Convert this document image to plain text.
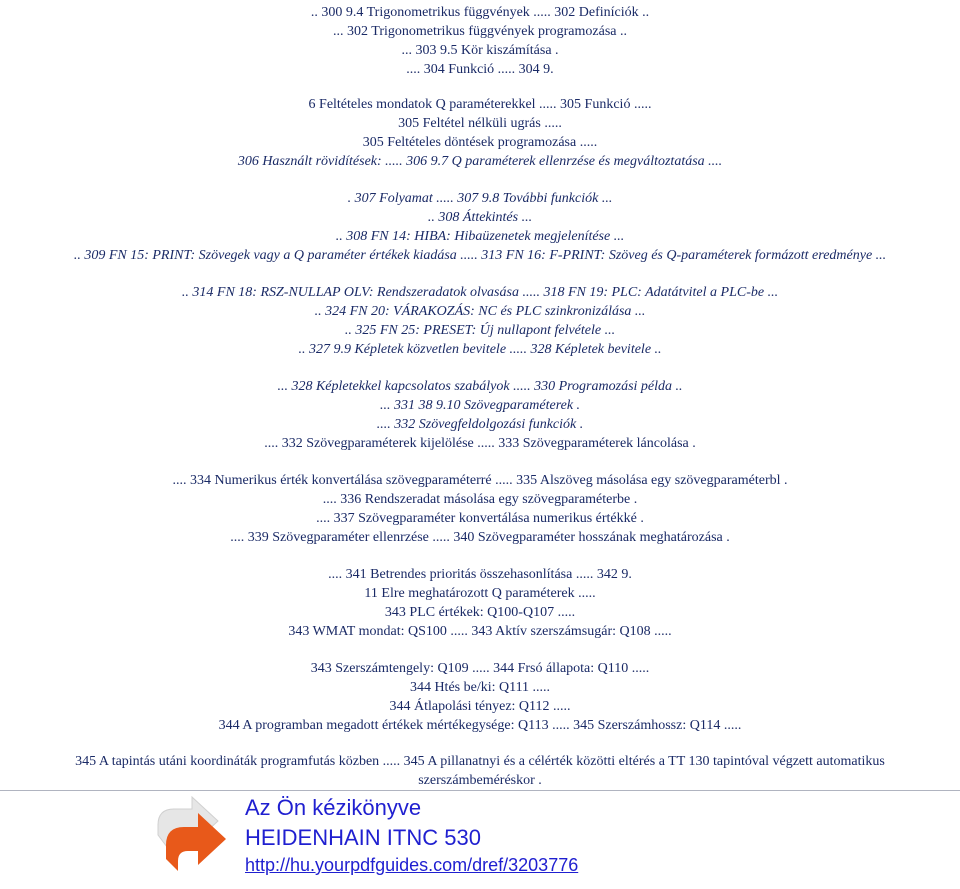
.. 300 9.4 Trigonometrikus függvények ..... 302 Definíciók ..
... 302 Trigonometrikus függvények programozása ..
... 303 9.5 Kör kiszámítása .
.... 304 Funkció ..... 304 9.
6 Feltételes mondatok Q paraméterekkel ..... 305 Funkció .....
305 Feltétel nélküli ugrás .....
305 Feltételes döntések programozása .....
306 Használt rövidítések: ..... 306 9.7 Q paraméterek ellenrzése és megváltoztatása ....
. 307 Folyamat ..... 307 9.8 További funkciók ...
.. 308 Áttekintés ...
.. 308 FN 14: HIBA: Hibaüzenetek megjelenítése ...
.. 309 FN 15: PRINT: Szövegek vagy a Q paraméter értékek kiadása ..... 313 FN 16: F-PRINT: Szöveg és Q-paraméterek formázott eredménye ...
.. 314 FN 18: RSZ-NULLAP OLV: Rendszeradatok olvasása ..... 318 FN 19: PLC: Adatátvitel a PLC-be ...
.. 324 FN 20: VÁRAKOZÁS: NC és PLC szinkronizálása ...
.. 325 FN 25: PRESET: Új nullapont felvétele ...
.. 327 9.9 Képletek közvetlen bevitele ..... 328 Képletek bevitele ..
... 328 Képletekkel kapcsolatos szabályok ..... 330 Programozási példa ..
... 331 38 9.10 Szövegparaméterek .
.... 332 Szövegfeldolgozási funkciók .
.... 332 Szövegparaméterek kijelölése ..... 333 Szövegparaméterek láncolása .
.... 334 Numerikus érték konvertálása szövegparaméterré ..... 335 Alszöveg másolása egy szövegparaméterbl .
.... 336 Rendszeradat másolása egy szövegparaméterbe .
.... 337 Szövegparaméter konvertálása numerikus értékké .
.... 339 Szövegparaméter ellenrzése ..... 340 Szövegparaméter hosszának meghatározása .
.... 341 Betrendes prioritás összehasonlítása ..... 342 9.
11 Elre meghatározott Q paraméterek .....
343 PLC értékek: Q100-Q107 .....
343 WMAT mondat: QS100 ..... 343 Aktív szerszámsugár: Q108 .....
343 Szerszámtengely: Q109 ..... 344 Frsó állapota: Q110 .....
344 Htés be/ki: Q111 .....
344 Átlapolási tényez: Q112 .....
344 A programban megadott értékek mértékegysége: Q113 ..... 345 Szerszámhossz: Q114 .....
345 A tapintás utáni koordináták programfutás közben ..... 345 A pillanatnyi és a célérték közötti eltérés a TT 130 tapintóval végzett automatikus szerszámbeméréskor .
Az Ön kézikönyve
HEIDENHAIN ITNC 530
http://hu.yourpdfguides.com/dref/3203776
